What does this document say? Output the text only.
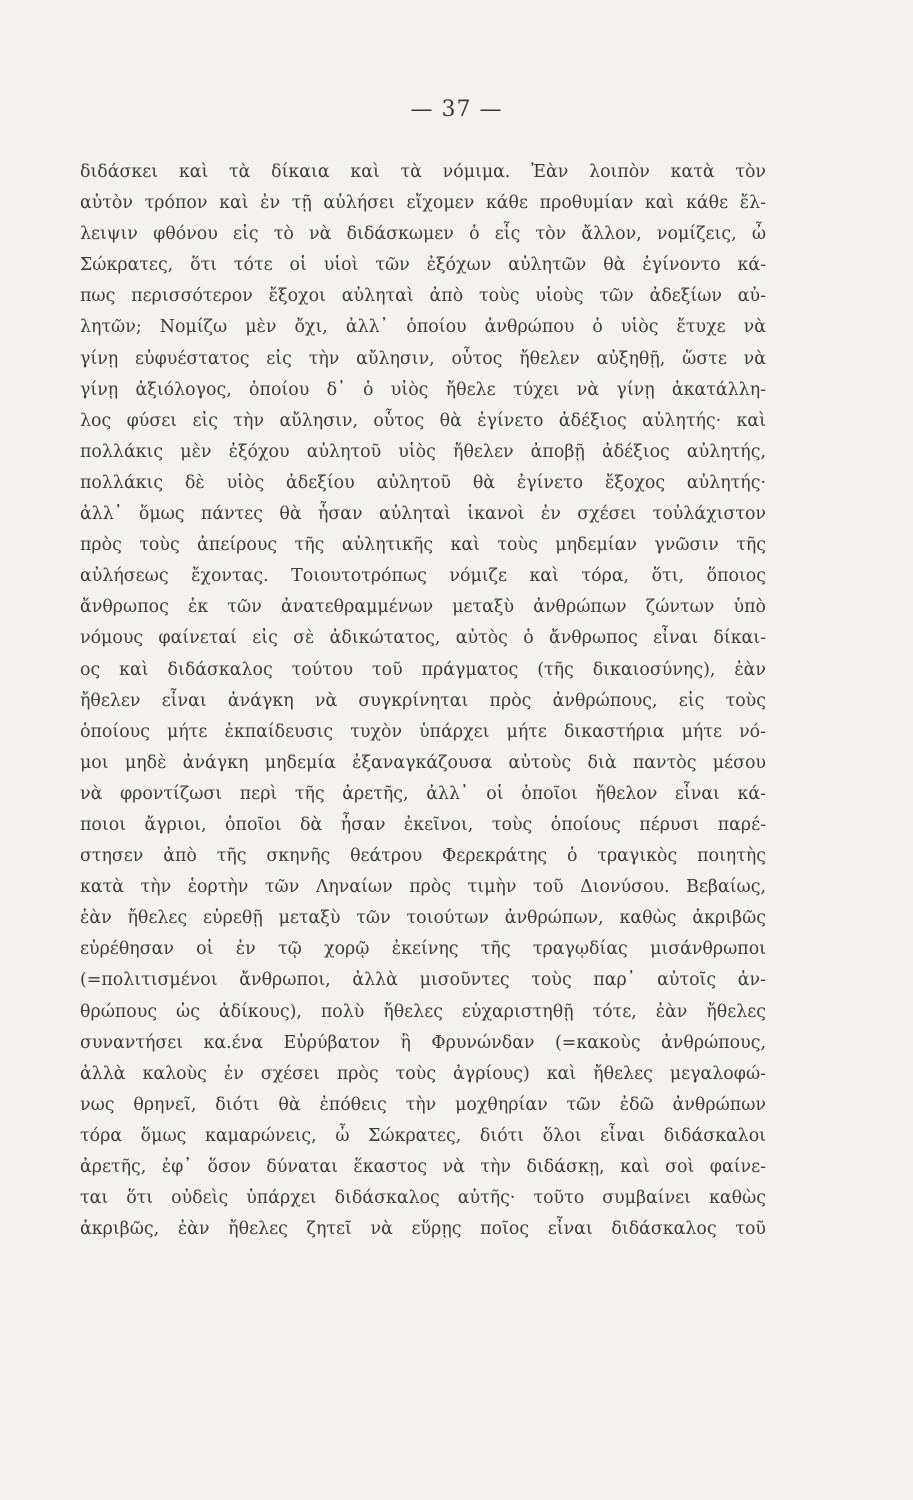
— 37 —
διδάσκει καὶ τὰ δίκαια καὶ τὰ νόμιμα. Ἐὰν λοιπὸν κατὰ τὸν
αὐτὸν τρόπον καὶ ἐν τῇ αὐλήσει εἴχομεν κάθε προθυμίαν καὶ κάθε ἔλ-
λειψιν φθόνου εἰς τὸ νὰ διδάσκωμεν ὁ εἷς τὸν ἄλλον, νομίζεις, ὦ
Σώκρατες, ὅτι τότε οἱ υἱοὶ τῶν ἐξόχων αὐλητῶν θὰ ἐγίνοντο κά-
πως περισσότερον ἔξοχοι αὐληταὶ ἀπὸ τοὺς υἱοὺς τῶν ἀδεξίων αὐ-
λητῶν; Νομίζω μὲν ὄχι, ἀλλ᾽ ὁποίου ἀνθρώπου ὁ υἱὸς ἔτυχε νὰ
γίνῃ εὐφυέστατος εἰς τὴν αὔλησιν, οὗτος ἤθελεν αὐξηθῇ, ὥστε νὰ
γίνῃ ἀξιόλογος, ὁποίου δ᾽ ὁ υἱὸς ἤθελε τύχει νὰ γίνῃ ἀκατάλλη-
λος φύσει εἰς τὴν αὔλησιν, οὗτος θὰ ἐγίνετο ἀδέξιος αὐλητής· καὶ
πολλάκις μὲν ἐξόχου αὐλητοῦ υἱὸς ἤθελεν ἀποβῇ ἀδέξιος αὐλητής,
πολλάκις δὲ υἱὸς ἀδεξίου αὐλητοῦ θὰ ἐγίνετο ἔξοχος αὐλητής·
ἀλλ᾽ ὅμως πάντες θὰ ἦσαν αὐληταὶ ἱκανοὶ ἐν σχέσει τοὐλάχιστον
πρὸς τοὺς ἀπείρους τῆς αὐλητικῆς καὶ τοὺς μηδεμίαν γνῶσιν τῆς
αὐλήσεως ἔχοντας. Τοιουτοτρόπως νόμιζε καὶ τόρα, ὅτι, ὅποιος
ἄνθρωπος ἐκ τῶν ἀνατεθραμμένων μεταξὺ ἀνθρώπων ζώντων ὑπὸ
νόμους φαίνεταί εἰς σὲ ἀδικώτατος, αὐτὸς ὁ ἄνθρωπος εἶναι δίκαι-
ος καὶ διδάσκαλος τούτου τοῦ πράγματος (τῆς δικαιοσύνης), ἐὰν
ἤθελεν εἶναι ἀνάγκη νὰ συγκρίνηται πρὸς ἀνθρώπους, εἰς τοὺς
ὁποίους μήτε ἐκπαίδευσις τυχὸν ὑπάρχει μήτε δικαστήρια μήτε νό-
μοι μηδὲ ἀνάγκη μηδεμία ἐξαναγκάζουσα αὐτοὺς διὰ παντὸς μέσου
νὰ φροντίζωσι περὶ τῆς ἀρετῆς, ἀλλ᾽ οἱ ὁποῖοι ἤθελον εἶναι κά-
ποιοι ἄγριοι, ὁποῖοι δὰ ἦσαν ἐκεῖνοι, τοὺς ὁποίους πέρυσι παρέ-
στησεν ἀπὸ τῆς σκηνῆς θεάτρου Φερεκράτης ὁ τραγικὸς ποιητὴς
κατὰ τὴν ἑορτὴν τῶν Ληναίων πρὸς τιμὴν τοῦ Διονύσου. Βεβαίως,
ἐὰν ἤθελες εὑρεθῇ μεταξὺ τῶν τοιούτων ἀνθρώπων, καθὼς ἀκριβῶς
εὑρέθησαν οἱ ἐν τῷ χορῷ ἐκείνης τῆς τραγῳδίας μισάνθρωποι
(=πολιτισμένοι ἄνθρωποι, ἀλλὰ μισοῦντες τοὺς παρ᾽ αὐτοῖς ἀν-
θρώπους ὡς ἀδίκους), πολὺ ἤθελες εὐχαριστηθῇ τότε, ἐὰν ἤθελες
συναντήσει κα.ένα Εὐρύβατον ἢ Φρυνώνδαν (=κακοὺς ἀνθρώπους,
ἀλλὰ καλοὺς ἐν σχέσει πρὸς τοὺς ἀγρίους) καὶ ἤθελες μεγαλοφώ-
νως θρηνεῖ, διότι θὰ ἐπόθεις τὴν μοχθηρίαν τῶν ἐδῶ ἀνθρώπων
τόρα ὅμως καμαρώνεις, ὦ Σώκρατες, διότι ὅλοι εἶναι διδάσκαλοι
ἀρετῆς, ἐφ᾽ ὅσον δύναται ἕκαστος νὰ τὴν διδάσκῃ, καὶ σοὶ φαίνε-
ται ὅτι οὐδεὶς ὑπάρχει διδάσκαλος αὐτῆς· τοῦτο συμβαίνει καθὼς
ἀκριβῶς, ἐὰν ἤθελες ζητεῖ νὰ εὕρῃς ποῖος εἶναι διδάσκαλος τοῦ
